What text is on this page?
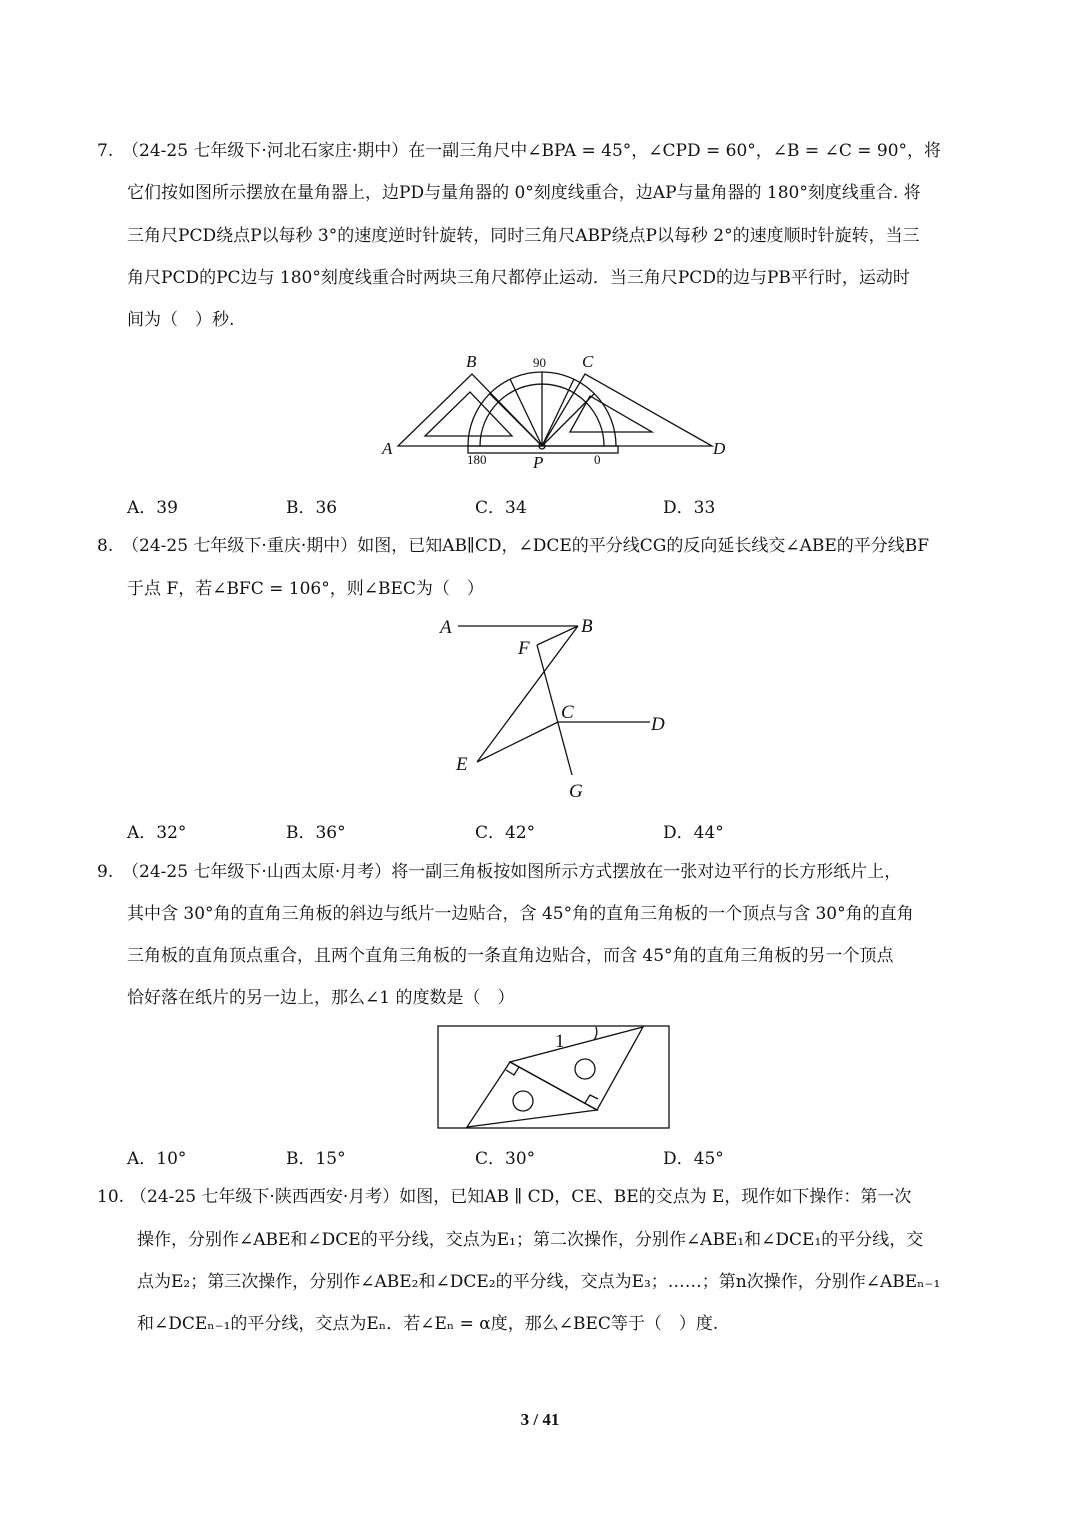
7. （24-25 七年级下·河北石家庄·期中）在一副三角尺中∠BPA = 45°，∠CPD = 60°，∠B = ∠C = 90°，将
它们按如图所示摆放在量角器上，边PD与量角器的 0°刻度线重合，边AP与量角器的 180°刻度线重合. 将
三角尺PCD绕点P以每秒 3°的速度逆时针旋转，同时三角尺ABP绕点P以每秒 2°的速度顺时针旋转，当三
角尺PCD的PC边与 180°刻度线重合时两块三角尺都停止运动．当三角尺PCD的边与PB平行时，运动时
间为（　）秒.
A
B	90 C
D
180	P	0
A．39	B．36	C．34	D．33
8. （24-25 七年级下·重庆·期中）如图，已知AB∥CD，∠DCE的平分线CG的反向延长线交∠ABE的平分线BF
于点 F，若∠BFC = 106°，则∠BEC为（　）
A	B
F
C
D
E
G
A．32°	B．36°	C．42°	D．44°
9. （24-25 七年级下·山西太原·月考）将一副三角板按如图所示方式摆放在一张对边平行的长方形纸片上，
其中含 30°角的直角三角板的斜边与纸片一边贴合，含 45°角的直角三角板的一个顶点与含 30°角的直角
三角板的直角顶点重合，且两个直角三角板的一条直角边贴合，而含 45°角的直角三角板的另一个顶点
恰好落在纸片的另一边上，那么∠1 的度数是（　）
1
A．10°	B．15°	C．30°	D．45°
10. （24-25 七年级下·陕西西安·月考）如图，已知AB ∥ CD，CE、BE的交点为 E，现作如下操作：第一次
操作，分别作∠ABE和∠DCE的平分线，交点为E₁；第二次操作，分别作∠ABE₁和∠DCE₁的平分线，交
点为E₂；第三次操作，分别作∠ABE₂和∠DCE₂的平分线，交点为E₃；……；第n次操作，分别作∠ABEₙ₋₁
和∠DCEₙ₋₁的平分线，交点为Eₙ．若∠Eₙ = α度，那么∠BEC等于（　）度.
3 / 41
